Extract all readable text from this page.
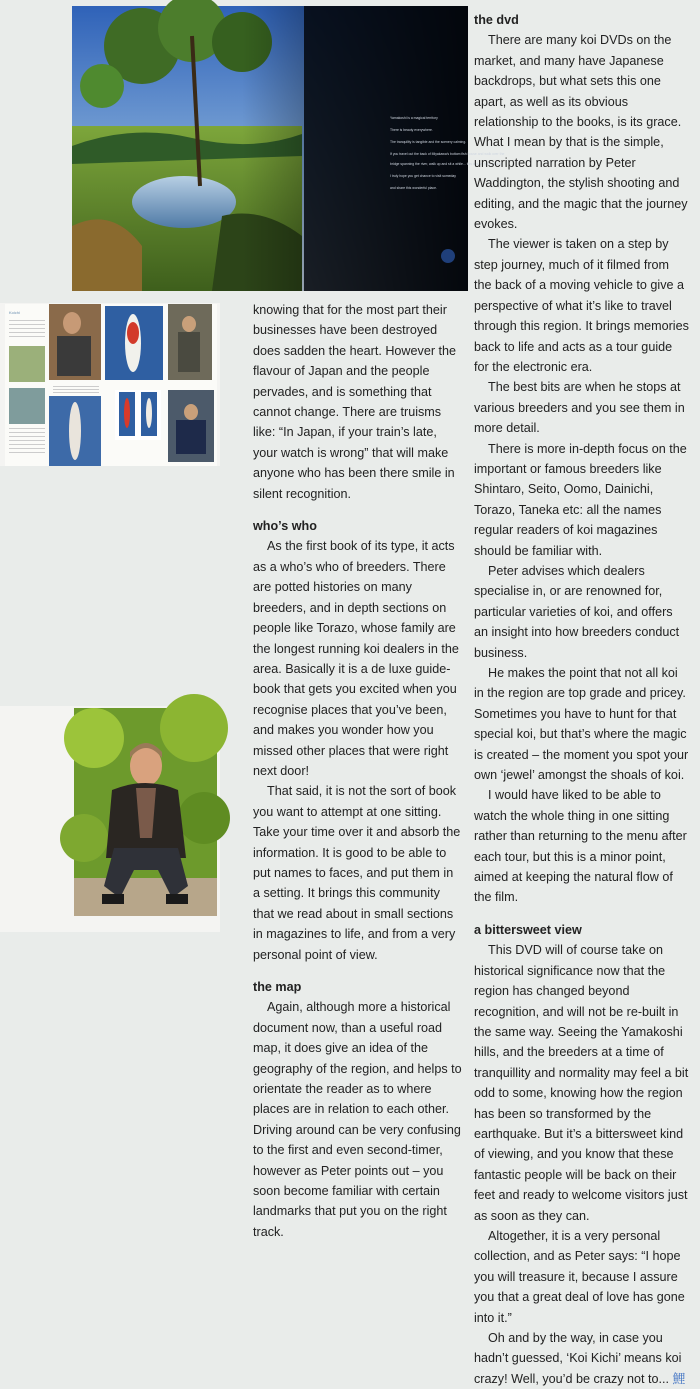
Yamakoshi is a magical territory
There is beauty everywhere.
The tranquility is tangible and the scenery calming.
If you travel out the back of Miyakawa’s bottom fish house and walk over the bridge spanning the river, walk up and sit a while... this is what you will see.
I truly hope you get chance to visit someday
and share this wonderful place.
Koichi	knowing that for the most part their businesses have been destroyed does sadden the heart. However the flavour of Japan and the people pervades, and is something that cannot change. There are truisms like: “In Japan, if your train’s late, your watch is wrong” that will make anyone who has been there smile in silent recognition.

who’s who

As the first book of its type, it acts as a who’s who of breeders. There are potted histories on many breeders, and in depth sections on people like Torazo, whose family are the longest running koi dealers in the area. Basically it is a de luxe guide-book that gets you excited when you recognise places that you’ve been, and makes you wonder how you missed other places that were right next door!

That said, it is not the sort of book you want to attempt at one sitting. Take your time over it and absorb the information. It is good to be able to put names to faces, and put them in a setting. It brings this community that we read about in small sections in magazines to life, and from a very personal point of view.

the map

Again, although more a historical document now, than a useful road map, it does give an idea of the geography of the region, and helps to orientate the reader as to where places are in relation to each other. Driving around can be very confusing to the first and even second-timer, however as Peter points out – you soon become familiar with certain landmarks that put you on the right track.

the dvd

There are many koi DVDs on the market, and many have Japanese backdrops, but what sets this one apart, as well as its obvious relationship to the books, is its grace. What I mean by that is the simple, unscripted narration by Peter Waddington, the stylish shooting and editing, and the magic that the journey evokes.

The viewer is taken on a step by step journey, much of it filmed from the back of a moving vehicle to give a perspective of what it’s like to travel through this region. It brings memories back to life and acts as a tour guide for the electronic era.

The best bits are when he stops at various breeders and you see them in more detail.

There is more in-depth focus on the important or famous breeders like Shintaro, Seito, Oomo, Dainichi, Torazo, Taneka etc: all the names regular readers of koi magazines should be familiar with.

Peter advises which dealers specialise in, or are renowned for, particular varieties of koi, and offers an insight into how breeders conduct business.

He makes the point that not all koi in the region are top grade and pricey. Sometimes you have to hunt for that special koi, but that’s where the magic is created – the moment you spot your own ‘jewel’ amongst the shoals of koi.

I would have liked to be able to watch the whole thing in one sitting rather than returning to the menu after each tour, but this is a minor point, aimed at keeping the natural flow of the film.

a bittersweet view

This DVD will of course take on historical significance now that the region has changed beyond recognition, and will not be re-built in the same way. Seeing the Yamakoshi hills, and the breeders at a time of tranquillity and normality may feel a bit odd to some, knowing how the region has been so transformed by the earthquake. But it’s a bittersweet kind of viewing, and you know that these fantastic people will be back on their feet and ready to welcome visitors just as soon as they can.

Altogether, it is a very personal collection, and as Peter says: “I hope you will treasure it, because I assure you that a great deal of love has gone into it.”

Oh and by the way, in case you hadn’t guessed, ‘Koi Kichi’ means koi crazy! Well, you’d be crazy not to... 鯉
